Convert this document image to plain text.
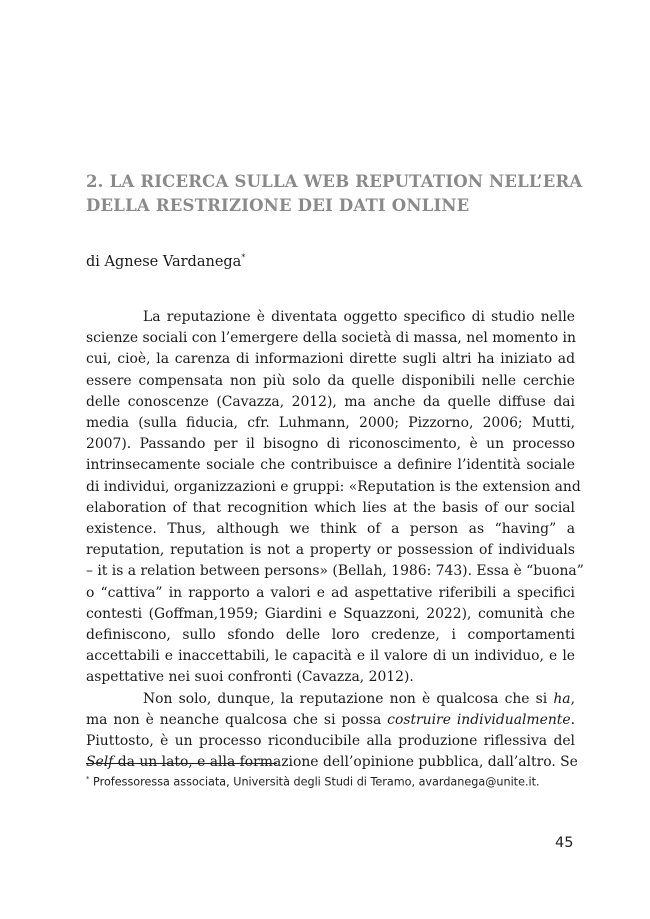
2. LA RICERCA SULLA WEB REPUTATION NELL’ERA
DELLA RESTRIZIONE DEI DATI ONLINE
di Agnese Vardanega*

La reputazione è diventata oggetto specifico di studio nelle
scienze sociali con l’emergere della società di massa, nel momento in
cui, cioè, la carenza di informazioni dirette sugli altri ha iniziato ad
essere compensata non più solo da quelle disponibili nelle cerchie
delle conoscenze (Cavazza, 2012), ma anche da quelle diffuse dai
media (sulla fiducia, cfr. Luhmann, 2000; Pizzorno, 2006; Mutti,
2007). Passando per il bisogno di riconoscimento, è un processo
intrinsecamente sociale che contribuisce a definire l’identità sociale
di individui, organizzazioni e gruppi: «Reputation is the extension and
elaboration of that recognition which lies at the basis of our social
existence. Thus, although we think of a person as “having” a
reputation, reputation is not a property or possession of individuals
– it is a relation between persons» (Bellah, 1986: 743). Essa è “buona”
o “cattiva” in rapporto a valori e ad aspettative riferibili a specifici
contesti (Goffman,1959; Giardini e Squazzoni, 2022), comunità che
definiscono, sullo sfondo delle loro credenze, i comportamenti
accettabili e inaccettabili, le capacità e il valore di un individuo, e le
aspettative nei suoi confronti (Cavazza, 2012).

Non solo, dunque, la reputazione non è qualcosa che si ha,
ma non è neanche qualcosa che si possa costruire individualmente.
Piuttosto, è un processo riconducibile alla produzione riflessiva del
Self da un lato, e alla formazione dell’opinione pubblica, dall’altro. Se

* Professoressa associata, Università degli Studi di Teramo, avardanega@unite.it.
45
